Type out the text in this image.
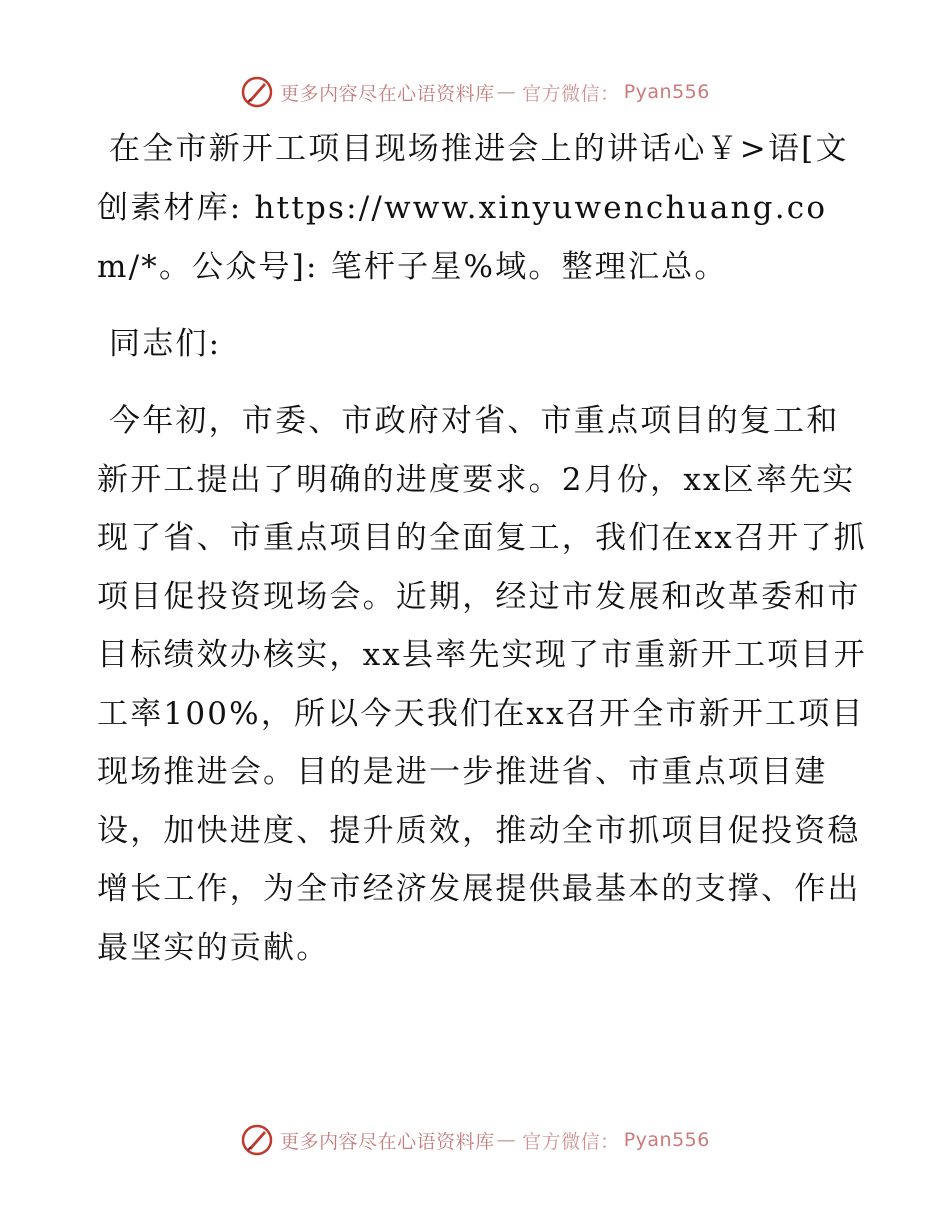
更多内容尽在心语资料库 — 官方微信： Pyan556

在全市新开工项目现场推进会上的讲话心￥>语[文创素材库: https://www.xinyuwenchuang.com/*。公众号]: 笔杆子星%域。整理汇总。

同志们:

今年初，市委、市政府对省、市重点项目的复工和新开工提出了明确的进度要求。2月份，xx区率先实现了省、市重点项目的全面复工，我们在xx召开了抓项目促投资现场会。近期，经过市发展和改革委和市目标绩效办核实，xx县率先实现了市重新开工项目开工率100%，所以今天我们在xx召开全市新开工项目现场推进会。目的是进一步推进省、市重点项目建设，加快进度、提升质效，推动全市抓项目促投资稳增长工作，为全市经济发展提供最基本的支撑、作出最坚实的贡献。

更多内容尽在心语资料库 — 官方微信： Pyan556
